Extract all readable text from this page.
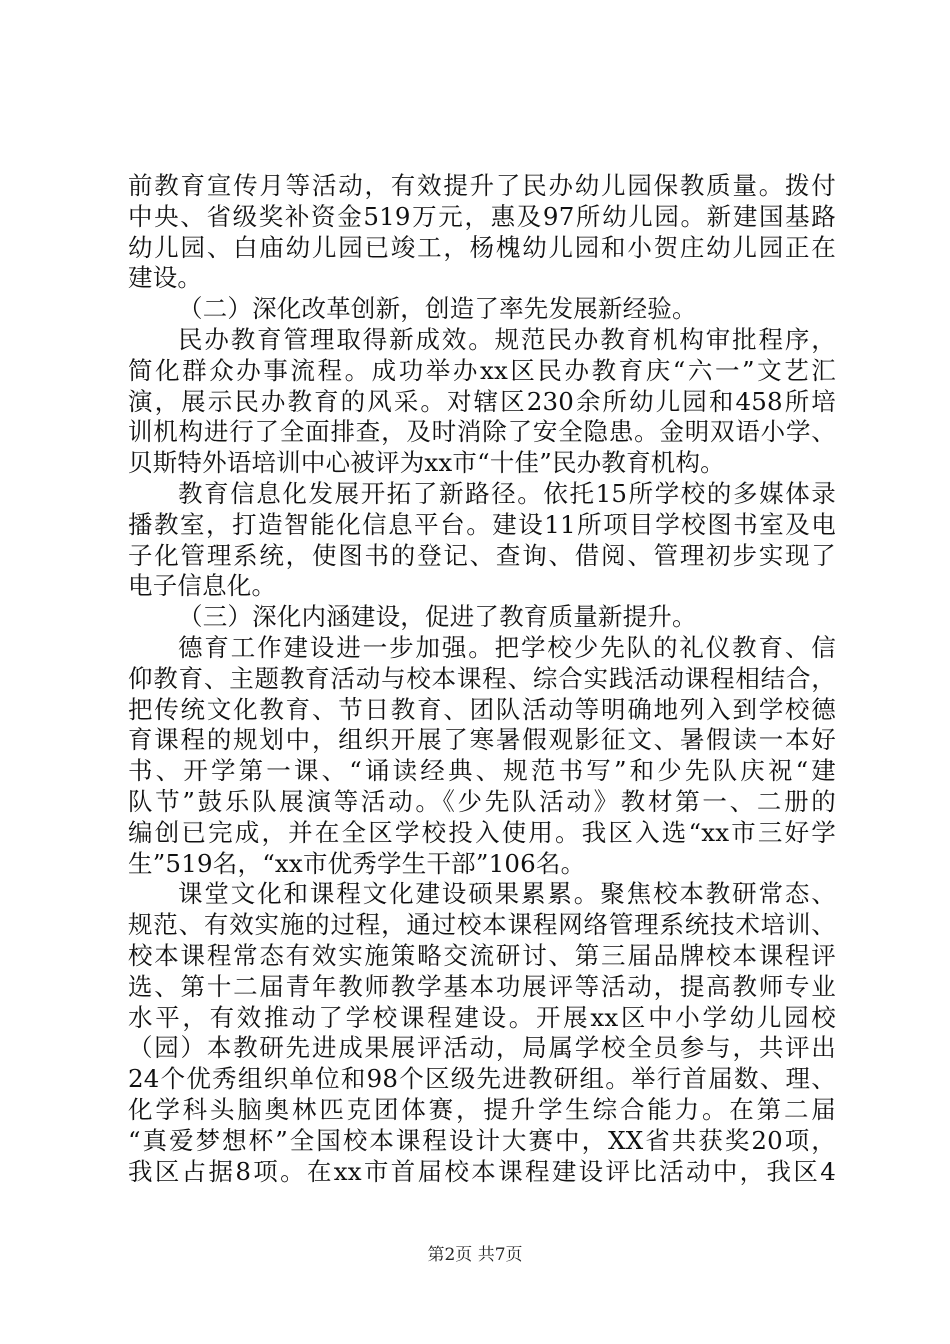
前教育宣传月等活动，有效提升了民办幼儿园保教质量。拨付
中央、省级奖补资金519万元，惠及97所幼儿园。新建国基路
幼儿园、白庙幼儿园已竣工，杨槐幼儿园和小贺庄幼儿园正在
建设。
（二）深化改革创新，创造了率先发展新经验。
民办教育管理取得新成效。规范民办教育机构审批程序，
简化群众办事流程。成功举办xx区民办教育庆“六一”文艺汇
演，展示民办教育的风采。对辖区230余所幼儿园和458所培
训机构进行了全面排查，及时消除了安全隐患。金明双语小学、
贝斯特外语培训中心被评为xx市“十佳”民办教育机构。
教育信息化发展开拓了新路径。依托15所学校的多媒体录
播教室，打造智能化信息平台。建设11所项目学校图书室及电
子化管理系统，使图书的登记、查询、借阅、管理初步实现了
电子信息化。
（三）深化内涵建设，促进了教育质量新提升。
德育工作建设进一步加强。把学校少先队的礼仪教育、信
仰教育、主题教育活动与校本课程、综合实践活动课程相结合，
把传统文化教育、节日教育、团队活动等明确地列入到学校德
育课程的规划中，组织开展了寒暑假观影征文、暑假读一本好
书、开学第一课、“诵读经典、规范书写”和少先队庆祝“建
队节”鼓乐队展演等活动。《少先队活动》教材第一、二册的
编创已完成，并在全区学校投入使用。我区入选“xx市三好学
生”519名，“xx市优秀学生干部”106名。
课堂文化和课程文化建设硕果累累。聚焦校本教研常态、
规范、有效实施的过程，通过校本课程网络管理系统技术培训、
校本课程常态有效实施策略交流研讨、第三届品牌校本课程评
选、第十二届青年教师教学基本功展评等活动，提高教师专业
水平，有效推动了学校课程建设。开展xx区中小学幼儿园校
（园）本教研先进成果展评活动，局属学校全员参与，共评出
24个优秀组织单位和98个区级先进教研组。举行首届数、理、
化学科头脑奥林匹克团体赛，提升学生综合能力。在第二届
“真爱梦想杯”全国校本课程设计大赛中，XX省共获奖20项，
我区占据8项。在xx市首届校本课程建设评比活动中，我区4
第2页 共7页
